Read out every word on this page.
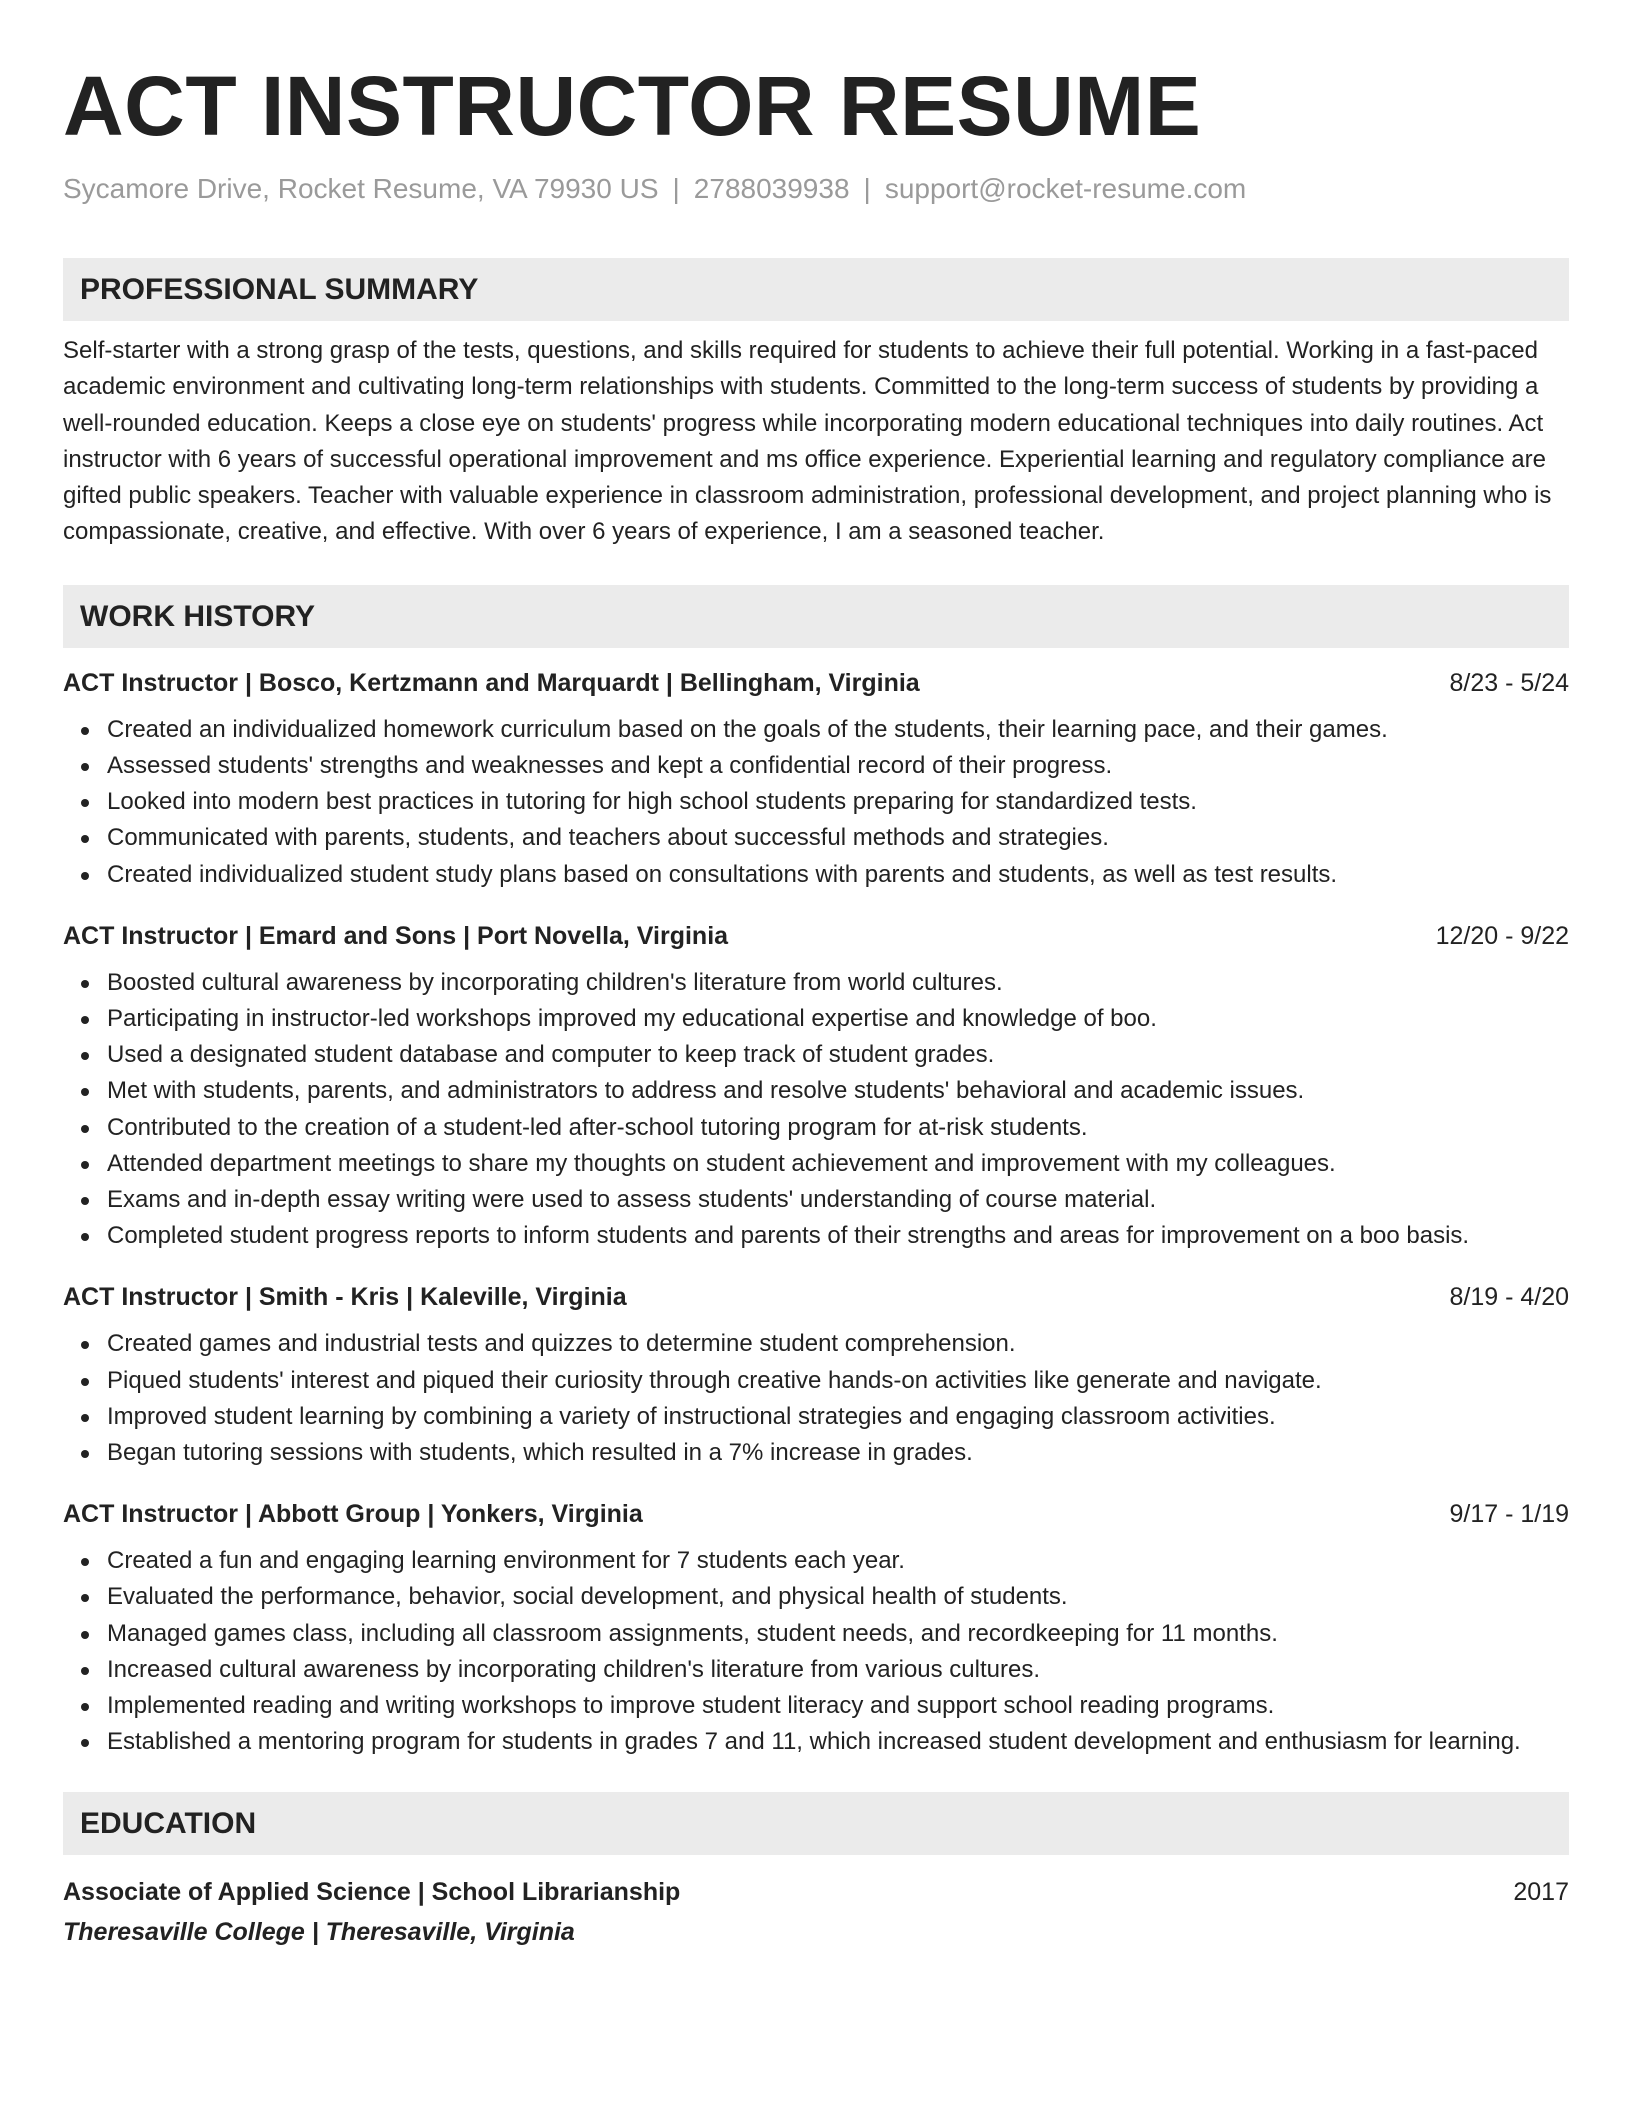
ACT INSTRUCTOR RESUME
Sycamore Drive, Rocket Resume, VA 79930 US | 2788039938 | support@rocket-resume.com
PROFESSIONAL SUMMARY
Self-starter with a strong grasp of the tests, questions, and skills required for students to achieve their full potential. Working in a fast-paced academic environment and cultivating long-term relationships with students. Committed to the long-term success of students by providing a well-rounded education. Keeps a close eye on students' progress while incorporating modern educational techniques into daily routines. Act instructor with 6 years of successful operational improvement and ms office experience. Experiential learning and regulatory compliance are gifted public speakers. Teacher with valuable experience in classroom administration, professional development, and project planning who is compassionate, creative, and effective. With over 6 years of experience, I am a seasoned teacher.
WORK HISTORY
ACT Instructor | Bosco, Kertzmann and Marquardt | Bellingham, Virginia	8/23 - 5/24
Created an individualized homework curriculum based on the goals of the students, their learning pace, and their games.
Assessed students' strengths and weaknesses and kept a confidential record of their progress.
Looked into modern best practices in tutoring for high school students preparing for standardized tests.
Communicated with parents, students, and teachers about successful methods and strategies.
Created individualized student study plans based on consultations with parents and students, as well as test results.
ACT Instructor | Emard and Sons | Port Novella, Virginia	12/20 - 9/22
Boosted cultural awareness by incorporating children's literature from world cultures.
Participating in instructor-led workshops improved my educational expertise and knowledge of boo.
Used a designated student database and computer to keep track of student grades.
Met with students, parents, and administrators to address and resolve students' behavioral and academic issues.
Contributed to the creation of a student-led after-school tutoring program for at-risk students.
Attended department meetings to share my thoughts on student achievement and improvement with my colleagues.
Exams and in-depth essay writing were used to assess students' understanding of course material.
Completed student progress reports to inform students and parents of their strengths and areas for improvement on a boo basis.
ACT Instructor | Smith - Kris | Kaleville, Virginia	8/19 - 4/20
Created games and industrial tests and quizzes to determine student comprehension.
Piqued students' interest and piqued their curiosity through creative hands-on activities like generate and navigate.
Improved student learning by combining a variety of instructional strategies and engaging classroom activities.
Began tutoring sessions with students, which resulted in a 7% increase in grades.
ACT Instructor | Abbott Group | Yonkers, Virginia	9/17 - 1/19
Created a fun and engaging learning environment for 7 students each year.
Evaluated the performance, behavior, social development, and physical health of students.
Managed games class, including all classroom assignments, student needs, and recordkeeping for 11 months.
Increased cultural awareness by incorporating children's literature from various cultures.
Implemented reading and writing workshops to improve student literacy and support school reading programs.
Established a mentoring program for students in grades 7 and 11, which increased student development and enthusiasm for learning.
EDUCATION
Associate of Applied Science | School Librarianship	2017
Theresaville College | Theresaville, Virginia
